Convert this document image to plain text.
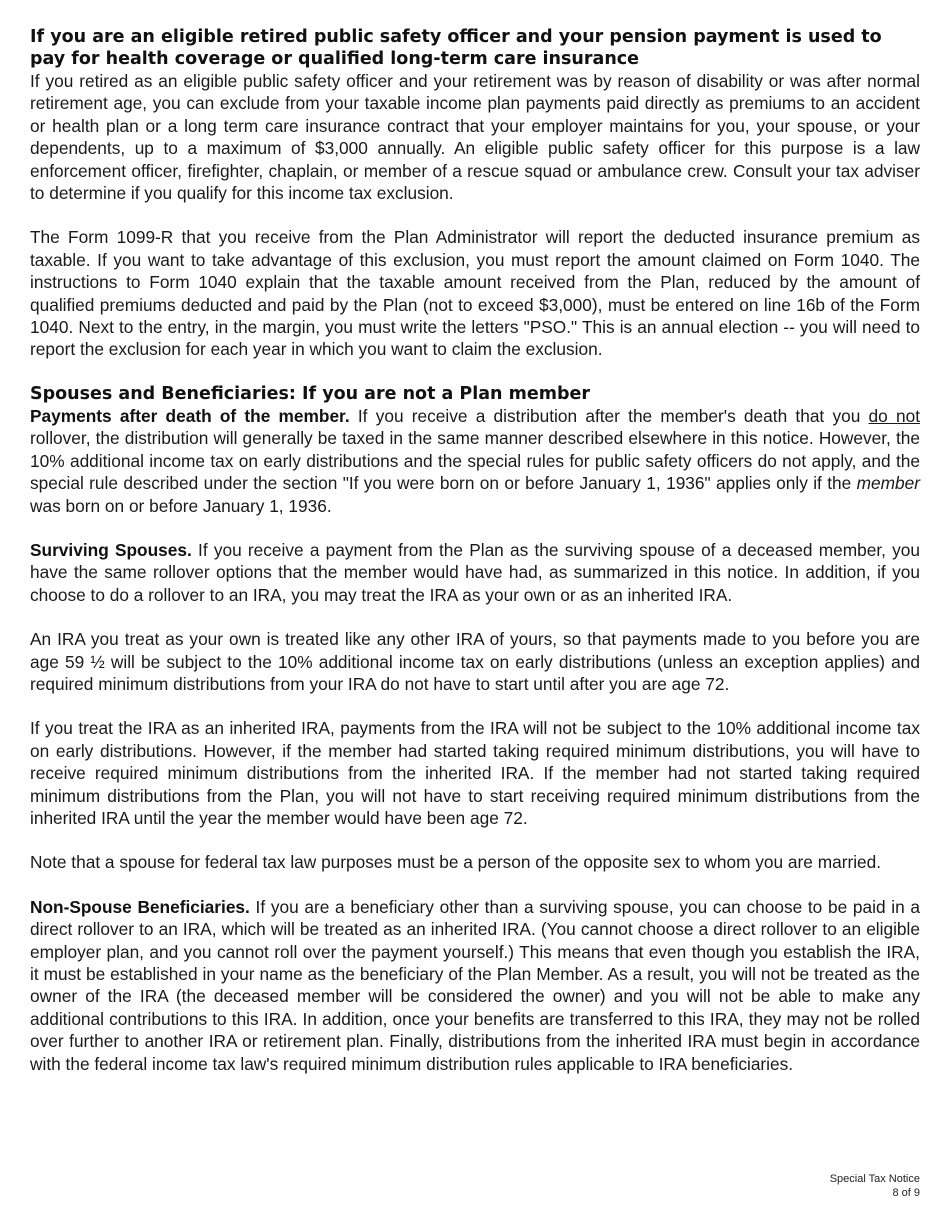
If you are an eligible retired public safety officer and your pension payment is used to pay for health coverage or qualified long-term care insurance

If you retired as an eligible public safety officer and your retirement was by reason of disability or was after normal retirement age, you can exclude from your taxable income plan payments paid directly as premiums to an accident or health plan or a long term care insurance contract that your employer maintains for you, your spouse, or your dependents, up to a maximum of $3,000 annually. An eligible public safety officer for this purpose is a law enforcement officer, firefighter, chaplain, or member of a rescue squad or ambulance crew. Consult your tax adviser to determine if you qualify for this income tax exclusion.

The Form 1099-R that you receive from the Plan Administrator will report the deducted insurance premium as taxable. If you want to take advantage of this exclusion, you must report the amount claimed on Form 1040. The instructions to Form 1040 explain that the taxable amount received from the Plan, reduced by the amount of qualified premiums deducted and paid by the Plan (not to exceed $3,000), must be entered on line 16b of the Form 1040. Next to the entry, in the margin, you must write the letters "PSO." This is an annual election -- you will need to report the exclusion for each year in which you want to claim the exclusion.

Spouses and Beneficiaries: If you are not a Plan member

Payments after death of the member. If you receive a distribution after the member's death that you do not rollover, the distribution will generally be taxed in the same manner described elsewhere in this notice. However, the 10% additional income tax on early distributions and the special rules for public safety officers do not apply, and the special rule described under the section "If you were born on or before January 1, 1936" applies only if the member was born on or before January 1, 1936.

Surviving Spouses. If you receive a payment from the Plan as the surviving spouse of a deceased member, you have the same rollover options that the member would have had, as summarized in this notice. In addition, if you choose to do a rollover to an IRA, you may treat the IRA as your own or as an inherited IRA.

An IRA you treat as your own is treated like any other IRA of yours, so that payments made to you before you are age 59 ½ will be subject to the 10% additional income tax on early distributions (unless an exception applies) and required minimum distributions from your IRA do not have to start until after you are age 72.

If you treat the IRA as an inherited IRA, payments from the IRA will not be subject to the 10% additional income tax on early distributions. However, if the member had started taking required minimum distributions, you will have to receive required minimum distributions from the inherited IRA. If the member had not started taking required minimum distributions from the Plan, you will not have to start receiving required minimum distributions from the inherited IRA until the year the member would have been age 72.

Note that a spouse for federal tax law purposes must be a person of the opposite sex to whom you are married.

Non-Spouse Beneficiaries. If you are a beneficiary other than a surviving spouse, you can choose to be paid in a direct rollover to an IRA, which will be treated as an inherited IRA. (You cannot choose a direct rollover to an eligible employer plan, and you cannot roll over the payment yourself.) This means that even though you establish the IRA, it must be established in your name as the beneficiary of the Plan Member. As a result, you will not be treated as the owner of the IRA (the deceased member will be considered the owner) and you will not be able to make any additional contributions to this IRA. In addition, once your benefits are transferred to this IRA, they may not be rolled over further to another IRA or retirement plan. Finally, distributions from the inherited IRA must begin in accordance with the federal income tax law's required minimum distribution rules applicable to IRA beneficiaries.

Special Tax Notice
8 of 9
